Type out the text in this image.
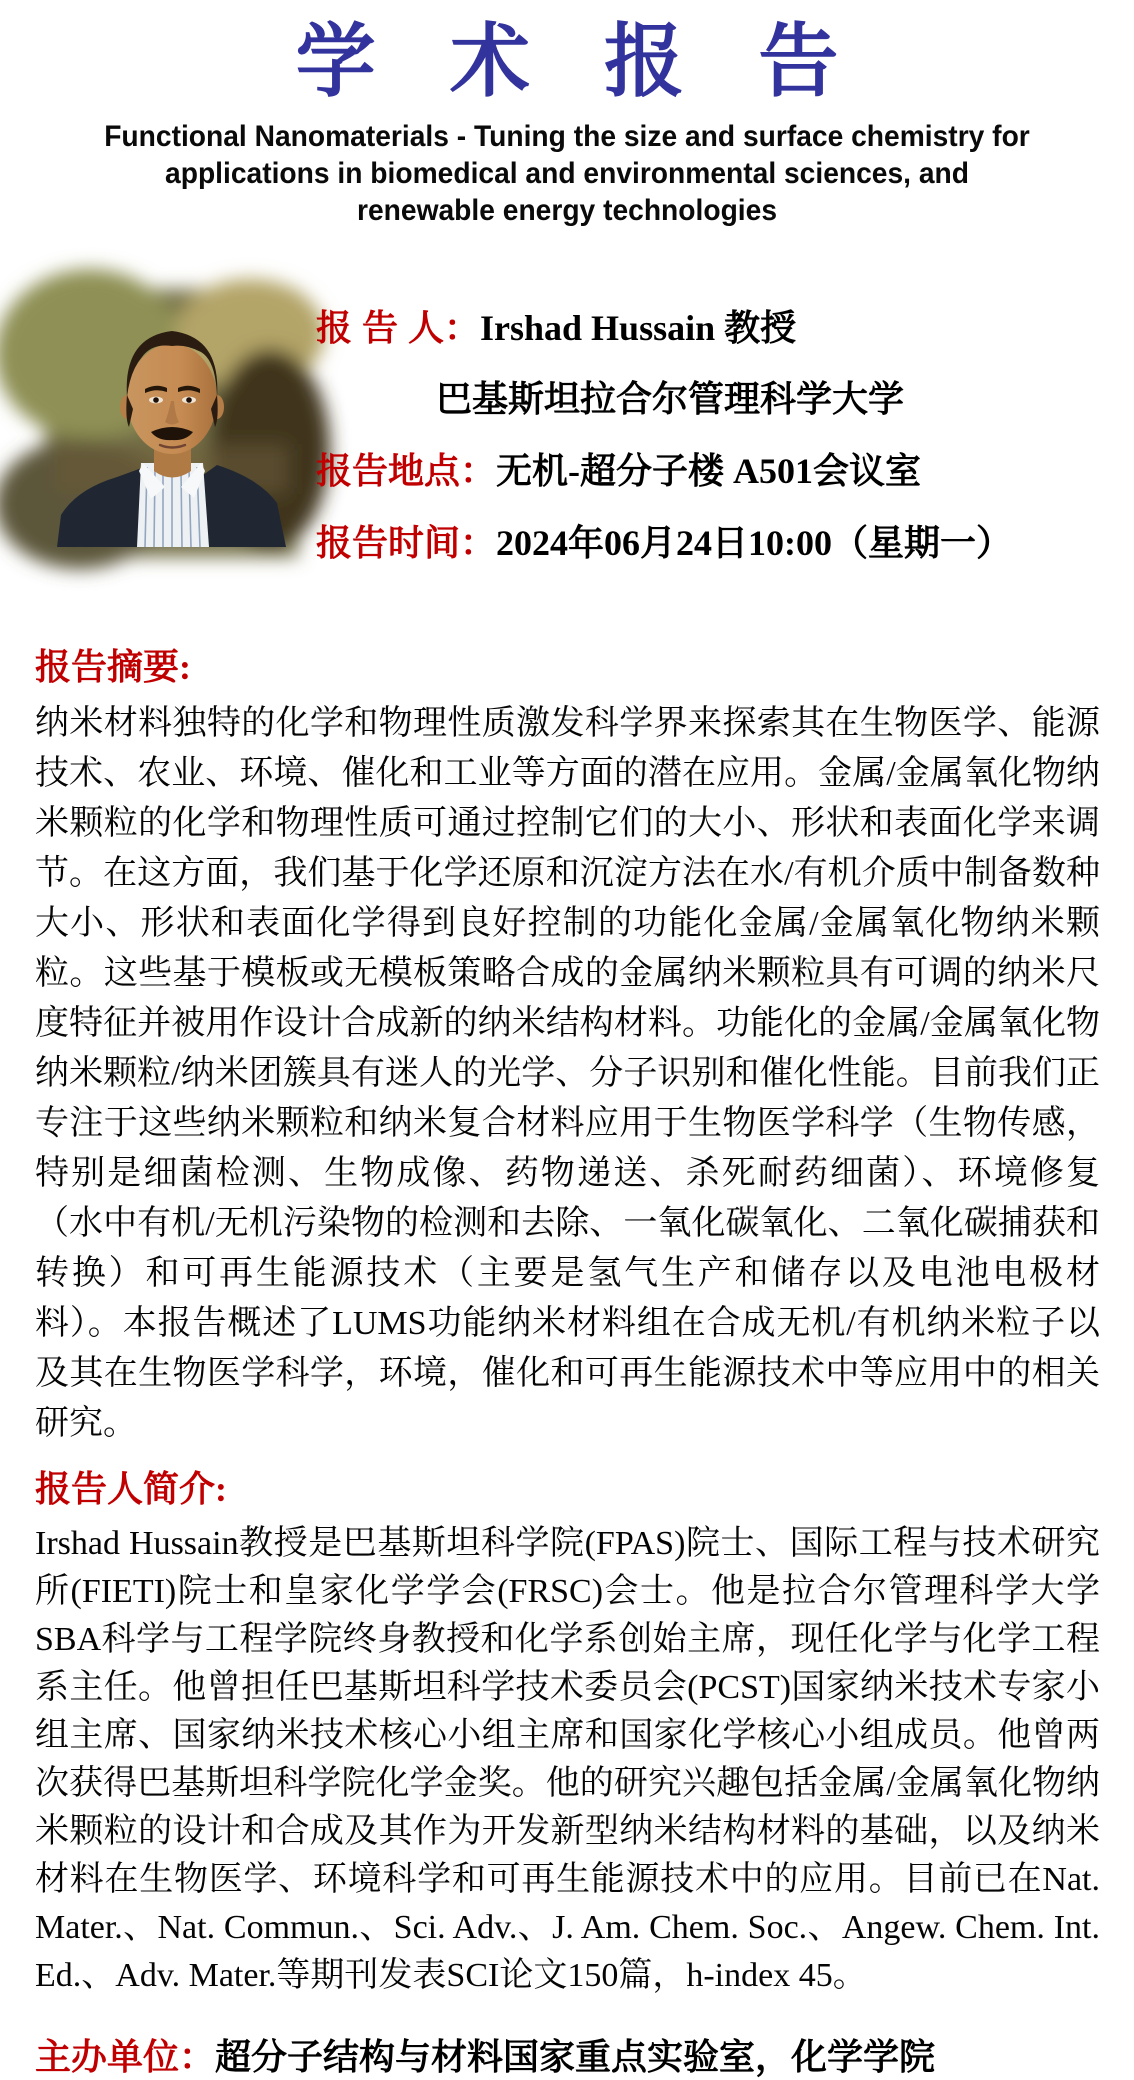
学 术 报 告
Functional Nanomaterials - Tuning the size and surface chemistry for
applications in biomedical and environmental sciences, and
renewable energy technologies
报 告 人：Irshad Hussain 教授
巴基斯坦拉合尔管理科学大学
报告地点：无机-超分子楼 A501会议室
报告时间：2024年06月24日10:00（星期一）
报告摘要:

纳米材料独特的化学和物理性质激发科学界来探索其在生物医学、能源技术、农业、环境、催化和工业等方面的潜在应用。金属/金属氧化物纳米颗粒的化学和物理性质可通过控制它们的大小、形状和表面化学来调节。在这方面，我们基于化学还原和沉淀方法在水/有机介质中制备数种大小、形状和表面化学得到良好控制的功能化金属/金属氧化物纳米颗粒。这些基于模板或无模板策略合成的金属纳米颗粒具有可调的纳米尺度特征并被用作设计合成新的纳米结构材料。功能化的金属/金属氧化物纳米颗粒/纳米团簇具有迷人的光学、分子识别和催化性能。目前我们正专注于这些纳米颗粒和纳米复合材料应用于生物医学科学（生物传感，特别是细菌检测、生物成像、药物递送、杀死耐药细菌）、环境修复（水中有机/无机污染物的检测和去除、一氧化碳氧化、二氧化碳捕获和转换）和可再生能源技术（主要是氢气生产和储存以及电池电极材料）。本报告概述了LUMS功能纳米材料组在合成无机/有机纳米粒子以及其在生物医学科学，环境，催化和可再生能源技术中等应用中的相关研究。

报告人简介:

Irshad Hussain教授是巴基斯坦科学院(FPAS)院士、国际工程与技术研究所(FIETI)院士和皇家化学学会(FRSC)会士。他是拉合尔管理科学大学SBA科学与工程学院终身教授和化学系创始主席，现任化学与化学工程系主任。他曾担任巴基斯坦科学技术委员会(PCST)国家纳米技术专家小组主席、国家纳米技术核心小组主席和国家化学核心小组成员。他曾两次获得巴基斯坦科学院化学金奖。他的研究兴趣包括金属/金属氧化物纳米颗粒的设计和合成及其作为开发新型纳米结构材料的基础，以及纳米材料在生物医学、环境科学和可再生能源技术中的应用。目前已在Nat. Mater.、Nat. Commun.、Sci. Adv.、J. Am. Chem. Soc.、Angew. Chem. Int. Ed.、Adv. Mater.等期刊发表SCI论文150篇，h-index 45。

主办单位：超分子结构与材料国家重点实验室，化学学院
